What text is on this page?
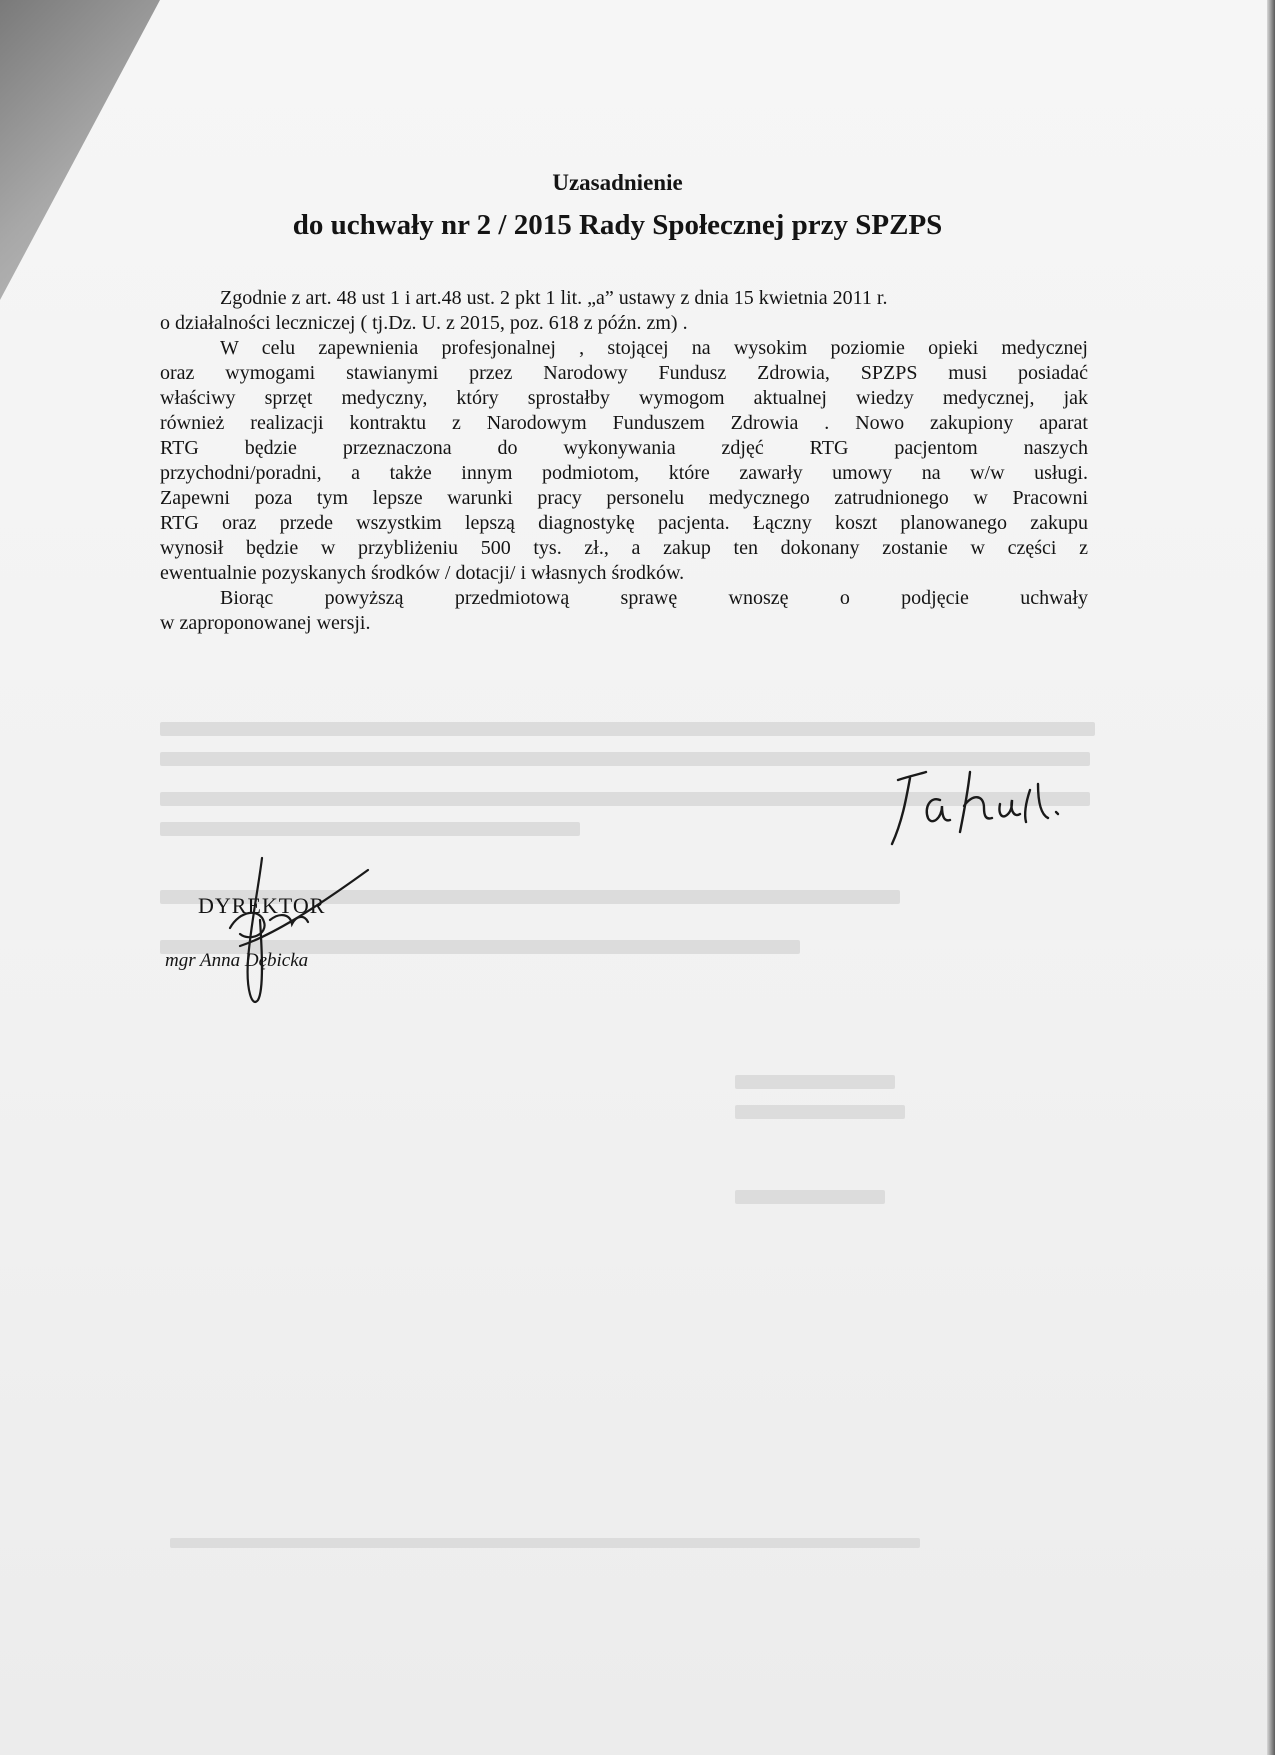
Uzasadnienie
do uchwały nr 2 / 2015 Rady Społecznej przy SPZPS

Zgodnie z art. 48 ust 1 i art.48 ust. 2 pkt 1 lit. „a” ustawy z dnia 15 kwietnia 2011 r.
o działalności leczniczej ( tj.Dz. U. z 2015, poz. 618 z późn. zm) .

W celu zapewnienia profesjonalnej , stojącej na wysokim poziomie opieki medycznej
oraz wymogami stawianymi przez Narodowy Fundusz Zdrowia, SPZPS musi posiadać
właściwy sprzęt medyczny, który sprostałby wymogom aktualnej wiedzy medycznej, jak
również realizacji kontraktu z Narodowym Funduszem Zdrowia . Nowo zakupiony aparat
RTG będzie przeznaczona do wykonywania zdjęć RTG pacjentom naszych
przychodni/poradni, a także innym podmiotom, które zawarły umowy na w/w usługi.
Zapewni poza tym lepsze warunki pracy personelu medycznego zatrudnionego w Pracowni
RTG oraz przede wszystkim lepszą diagnostykę pacjenta. Łączny koszt planowanego zakupu
wynosił będzie w przybliżeniu 500 tys. zł., a zakup ten dokonany zostanie w części z
ewentualnie pozyskanych środków / dotacji/ i własnych środków.
Biorąc powyższą przedmiotową sprawę wnoszę o podjęcie uchwały
w zaproponowanej wersji.
DYREKTOR
mgr Anna Dębicka
